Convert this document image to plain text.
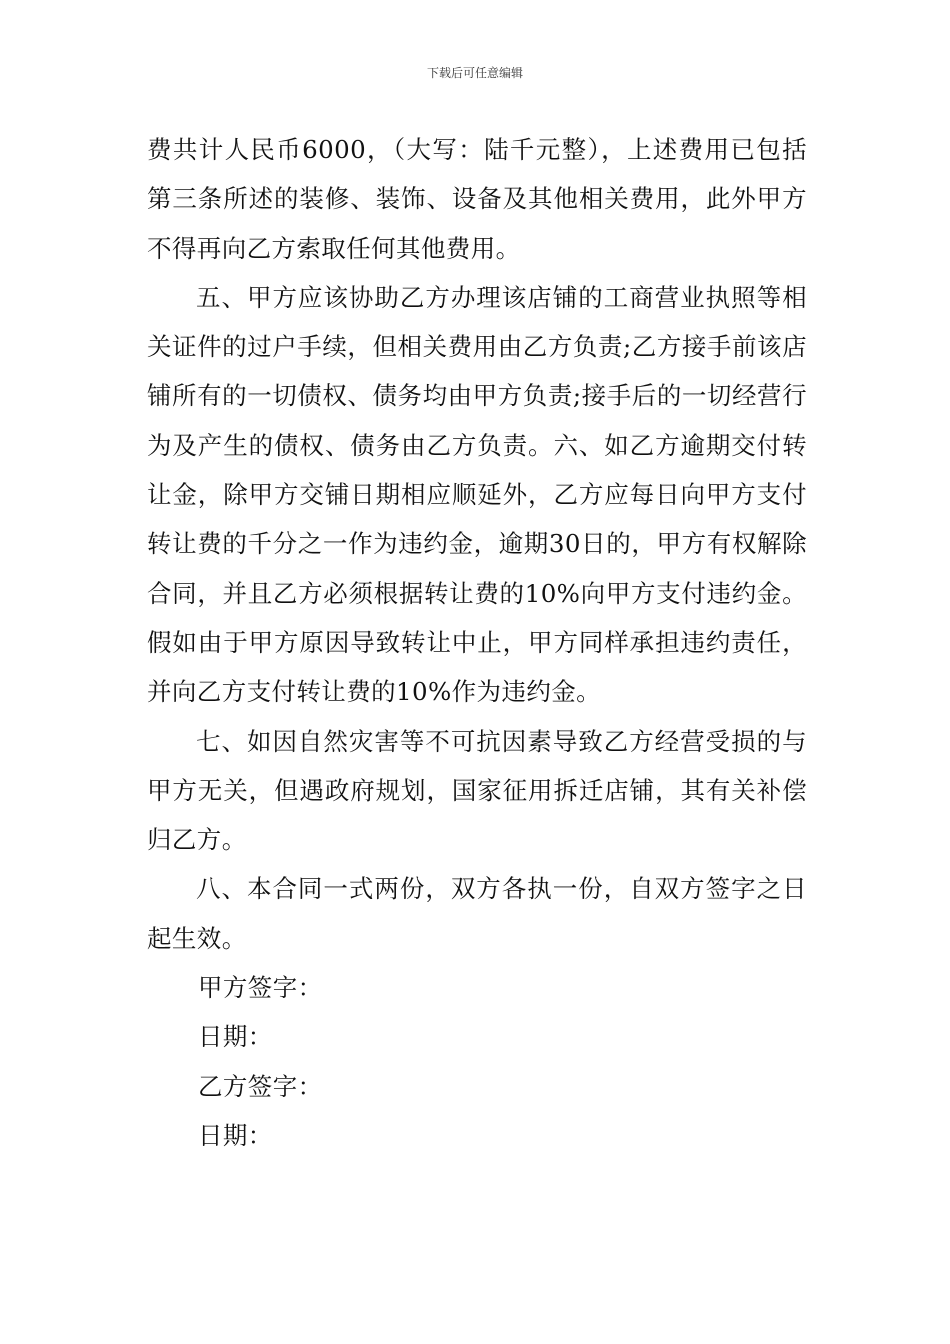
下载后可任意编辑

费共计人民币6000，（大写：陆千元整），上述费用已包括第三条所述的装修、装饰、设备及其他相关费用，此外甲方不得再向乙方索取任何其他费用。

五、甲方应该协助乙方办理该店铺的工商营业执照等相关证件的过户手续，但相关费用由乙方负责;乙方接手前该店铺所有的一切债权、债务均由甲方负责;接手后的一切经营行为及产生的债权、债务由乙方负责。六、如乙方逾期交付转让金，除甲方交铺日期相应顺延外，乙方应每日向甲方支付转让费的千分之一作为违约金，逾期30日的，甲方有权解除合同，并且乙方必须根据转让费的10%向甲方支付违约金。假如由于甲方原因导致转让中止，甲方同样承担违约责任，并向乙方支付转让费的10%作为违约金。

七、如因自然灾害等不可抗因素导致乙方经营受损的与甲方无关，但遇政府规划，国家征用拆迁店铺，其有关补偿归乙方。

八、本合同一式两份，双方各执一份，自双方签字之日起生效。

甲方签字：

日期：

乙方签字：

日期：
